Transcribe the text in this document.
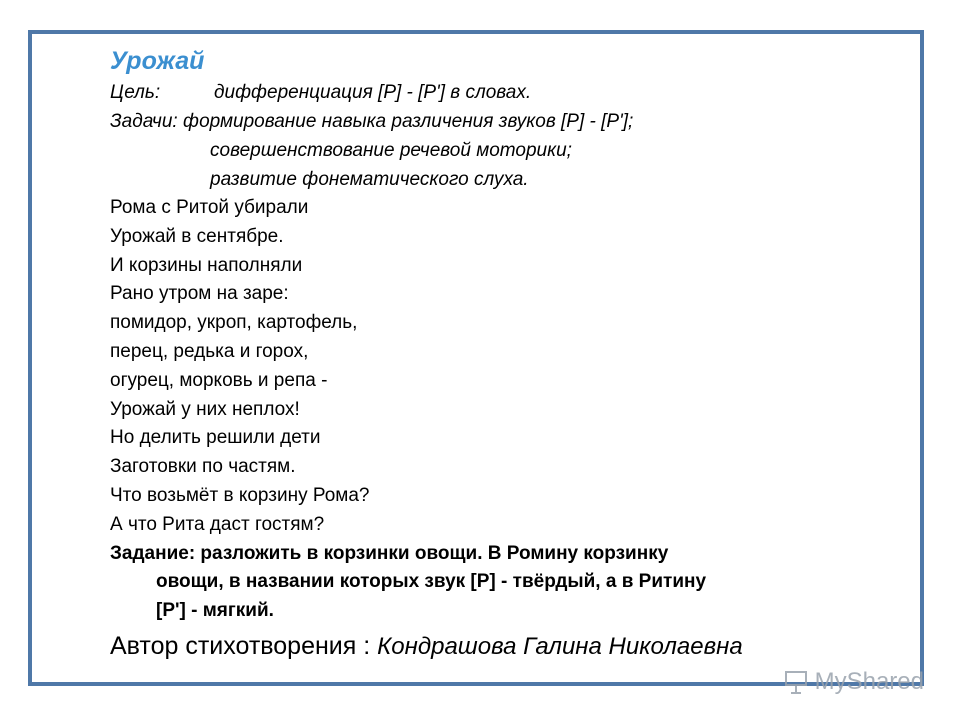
Урожай
Цель:	дифференциация [Р] - [Р'] в словах.
Задачи: формирование навыка различения звуков [Р] - [Р'];
совершенствование речевой моторики;
развитие фонематического слуха.
Рома с Ритой убирали
Урожай в сентябре.
И корзины наполняли
Рано утром на заре:
помидор, укроп, картофель,
перец, редька и горох,
огурец, морковь и репа -
Урожай у них неплох!
Но делить решили дети
Заготовки по частям.
Что возьмёт в корзину Рома?
А что Рита даст гостям?
Задание: разложить в корзинки овощи. В Ромину корзинку
овощи, в названии которых звук [Р] - твёрдый, а в Ритину
[Р'] - мягкий.
Автор стихотворения : Кондрашова Галина Николаевна
MyShared
